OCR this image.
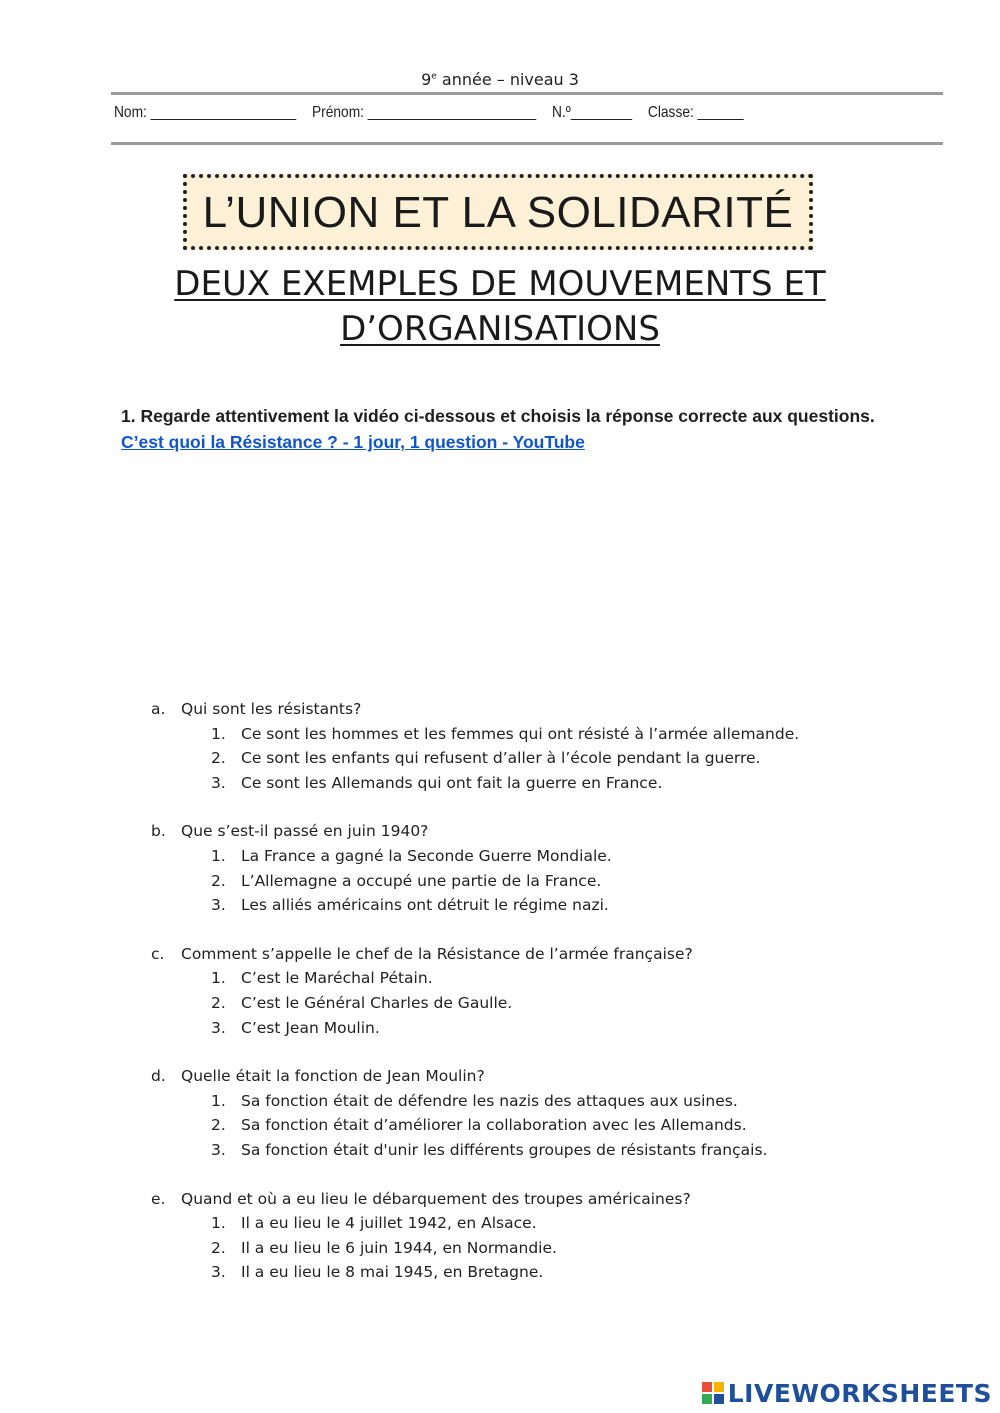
9e année – niveau 3
Nom: ___________________ Prénom: ______________________ N.º________ Classe: ______
L’UNION ET LA SOLIDARITÉ
DEUX EXEMPLES DE MOUVEMENTS ET
D’ORGANISATIONS
1. Regarde attentivement la vidéo ci-dessous et choisis la réponse correcte aux questions. C’est quoi la Résistance ? - 1 jour, 1 question - YouTube
a. Qui sont les résistants?
1. Ce sont les hommes et les femmes qui ont résisté à l’armée allemande.
2. Ce sont les enfants qui refusent d’aller à l’école pendant la guerre.
3. Ce sont les Allemands qui ont fait la guerre en France.
b. Que s’est-il passé en juin 1940?
1. La France a gagné la Seconde Guerre Mondiale.
2. L’Allemagne a occupé une partie de la France.
3. Les alliés américains ont détruit le régime nazi.
c. Comment s’appelle le chef de la Résistance de l’armée française?
1. C’est le Maréchal Pétain.
2. C’est le Général Charles de Gaulle.
3. C’est Jean Moulin.
d. Quelle était la fonction de Jean Moulin?
1. Sa fonction était de défendre les nazis des attaques aux usines.
2. Sa fonction était d’améliorer la collaboration avec les Allemands.
3. Sa fonction était d'unir les différents groupes de résistants français.
e. Quand et où a eu lieu le débarquement des troupes américaines?
1. Il a eu lieu le 4 juillet 1942, en Alsace.
2. Il a eu lieu le 6 juin 1944, en Normandie.
3. Il a eu lieu le 8 mai 1945, en Bretagne.
LIVEWORKSHEETS
